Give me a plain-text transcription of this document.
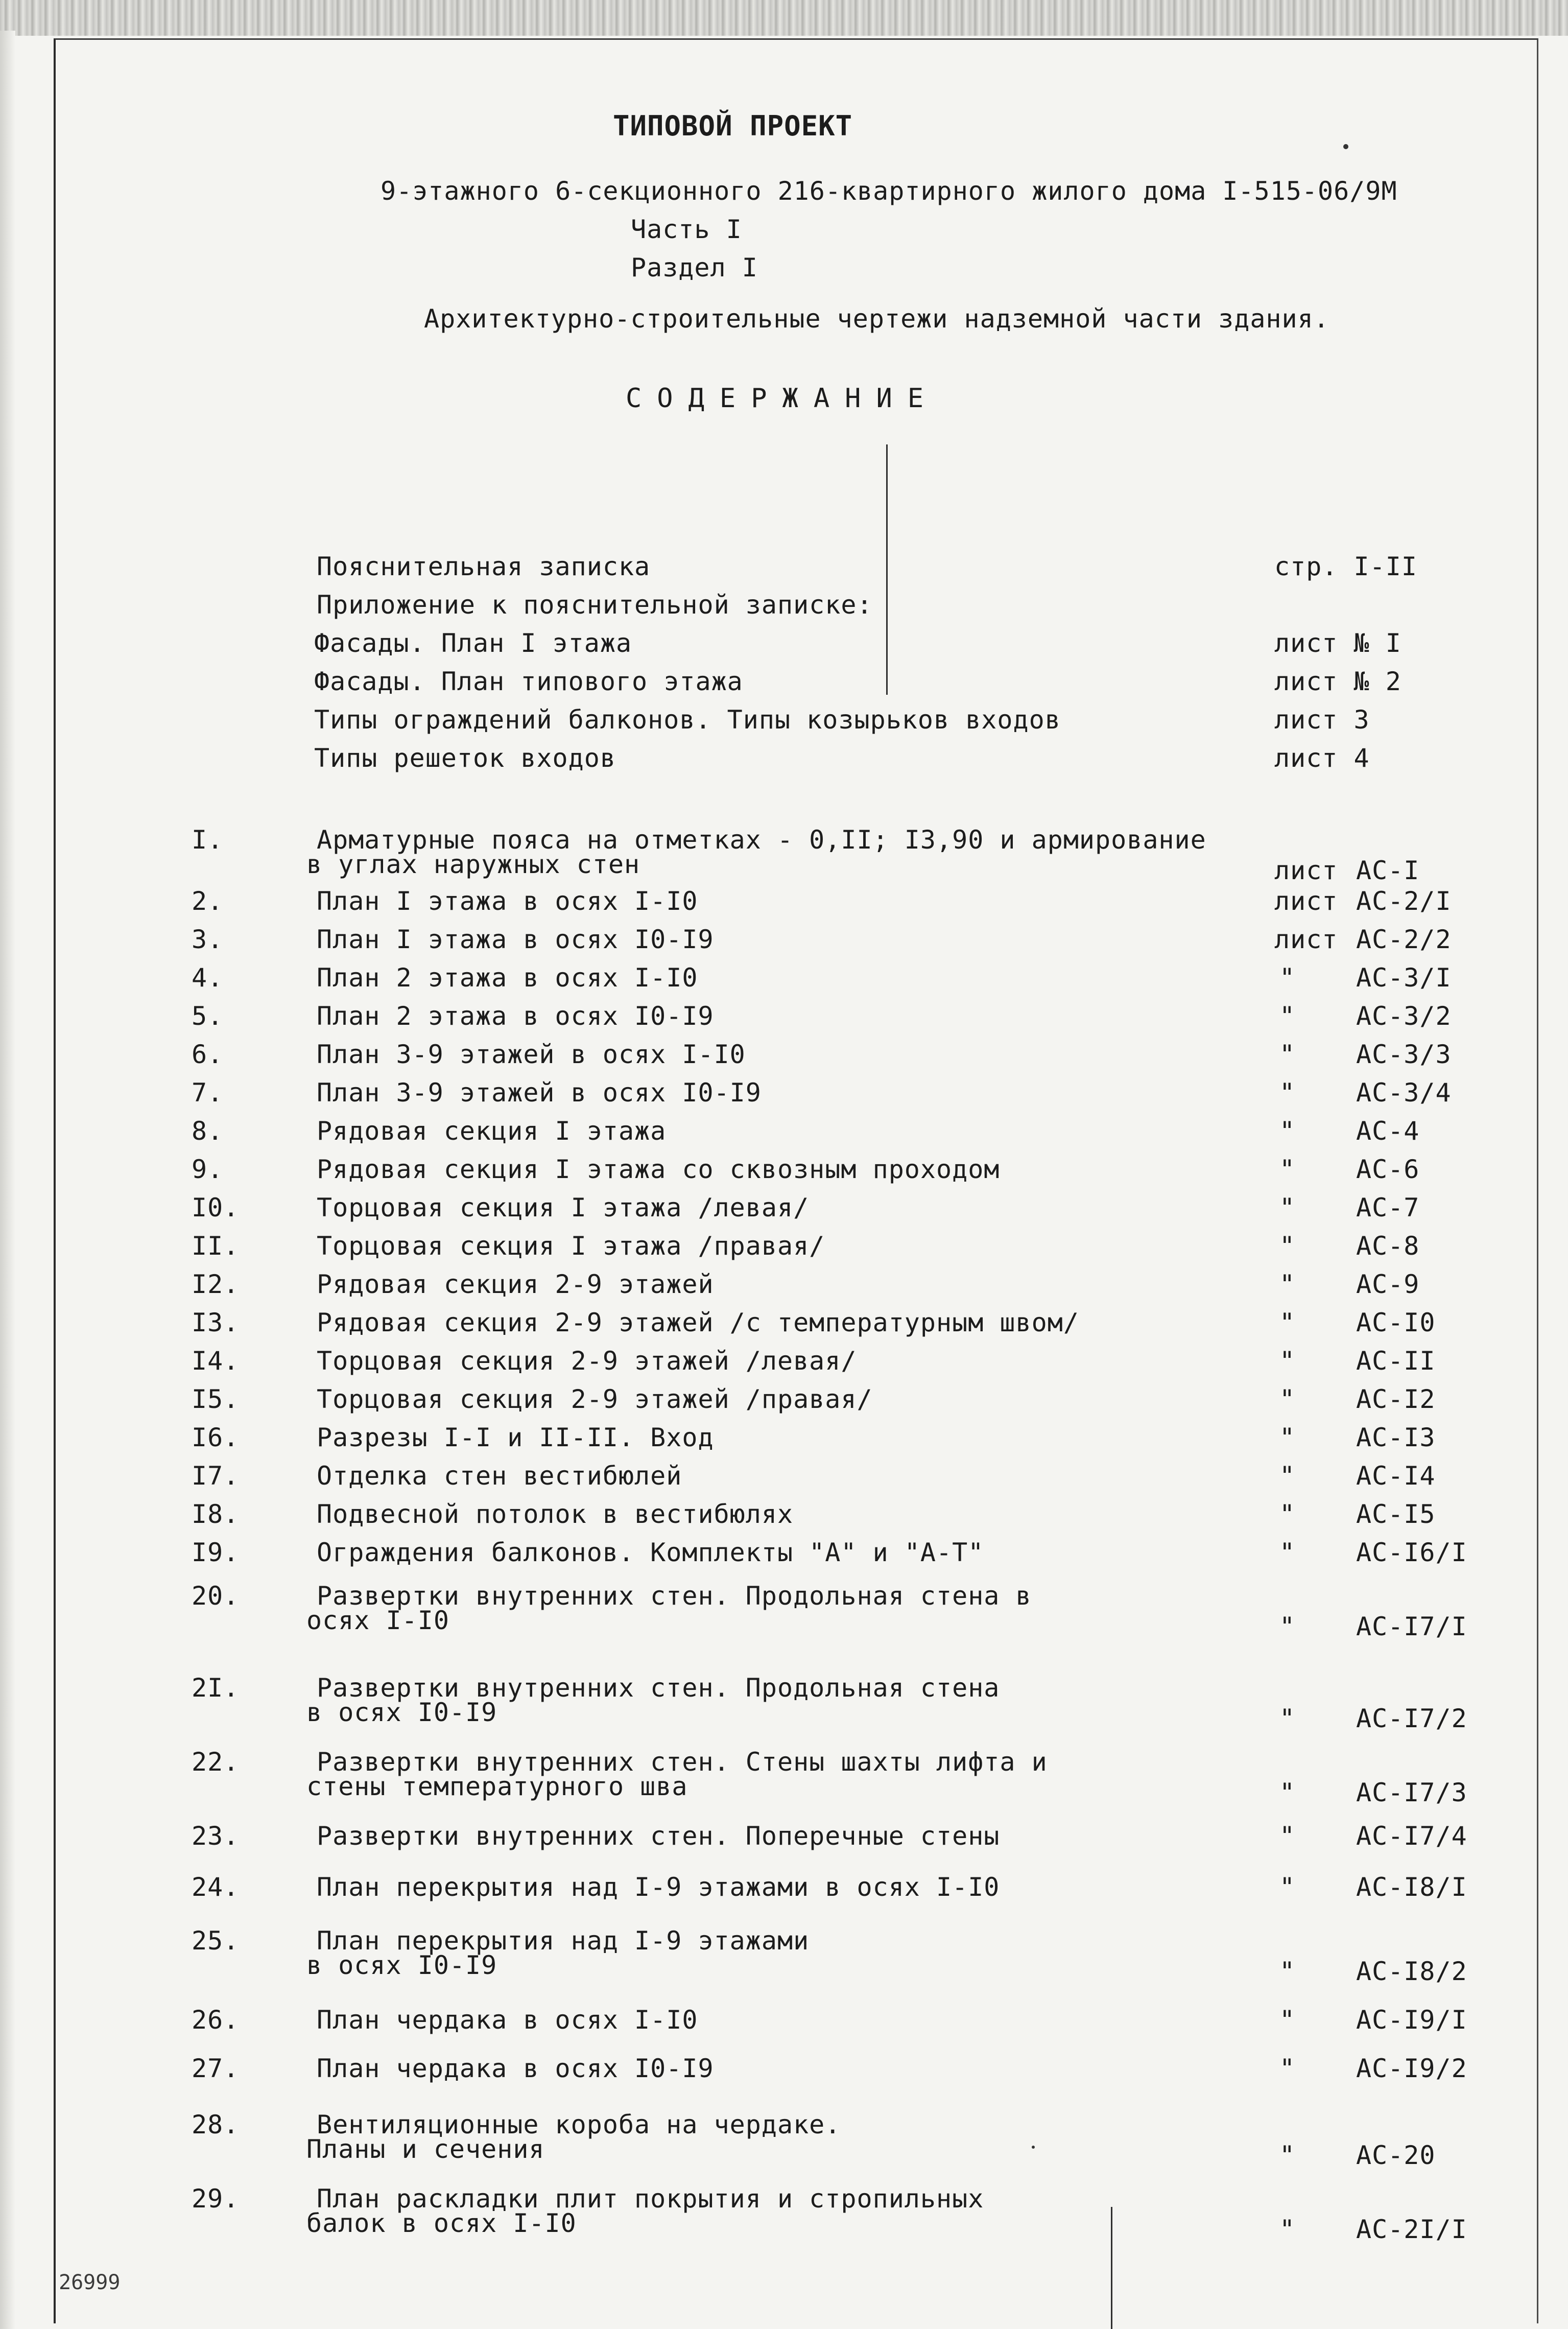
ТИПОВОЙ ПРОЕКТ
9-этажного 6-секционного 216-квартирного жилого дома I-515-06/9М
Часть I
Раздел I
Архитектурно-строительные чертежи надземной части здания.
СОДЕРЖАНИЕ
Пояснительная записка	стр. I-II
Приложение к пояснительной записке:
Фасады. План I этажа	лист № I
Фасады. План типового этажа	лист № 2
Типы ограждений балконов. Типы козырьков входов	лист 3
Типы решеток входов	лист 4
I.	Арматурные пояса на отметках - 0,II; I3,90 и армирование
в углах наружных стен	лист АС-I
2.	План I этажа в осях I-I0	лист АС-2/I
3.	План I этажа в осях I0-I9	лист АС-2/2
4.	План 2 этажа в осях I-I0	" АС-3/I
5.	План 2 этажа в осях I0-I9	" АС-3/2
6.	План 3-9 этажей в осях I-I0	" АС-3/3
7.	План 3-9 этажей в осях I0-I9	" АС-3/4
8.	Рядовая секция I этажа	" АС-4
9.	Рядовая секция I этажа со сквозным проходом	" АС-6
I0.	Торцовая секция I этажа /левая/	" АС-7
II.	Торцовая секция I этажа /правая/	" АС-8
I2.	Рядовая секция 2-9 этажей	" АС-9
I3.	Рядовая секция 2-9 этажей /с температурным швом/	" АС-I0
I4.	Торцовая секция 2-9 этажей /левая/	" АС-II
I5.	Торцовая секция 2-9 этажей /правая/	" АС-I2
I6.	Разрезы I-I и II-II. Вход	" АС-I3
I7.	Отделка стен вестибюлей	" АС-I4
I8.	Подвесной потолок в вестибюлях	" АС-I5
I9.	Ограждения балконов. Комплекты "А" и "А-Т"	" АС-I6/I
20.	Развертки внутренних стен. Продольная стена в
осях I-I0	" АС-I7/I
2I.	Развертки внутренних стен. Продольная стена
в осях I0-I9	" АС-I7/2
22.	Развертки внутренних стен. Стены шахты лифта и
стены температурного шва	" АС-I7/3
23.	Развертки внутренних стен. Поперечные стены	" АС-I7/4
24.	План перекрытия над I-9 этажами в осях I-I0	" АС-I8/I
25.	План перекрытия над I-9 этажами
в осях I0-I9	" АС-I8/2
26.	План чердака в осях I-I0	" АС-I9/I
27.	План чердака в осях I0-I9	" АС-I9/2
28.	Вентиляционные короба на чердаке.
Планы и сечения	" АС-20
29.	План раскладки плит покрытия и стропильных
балок в осях I-I0	" АС-2I/I
26999
